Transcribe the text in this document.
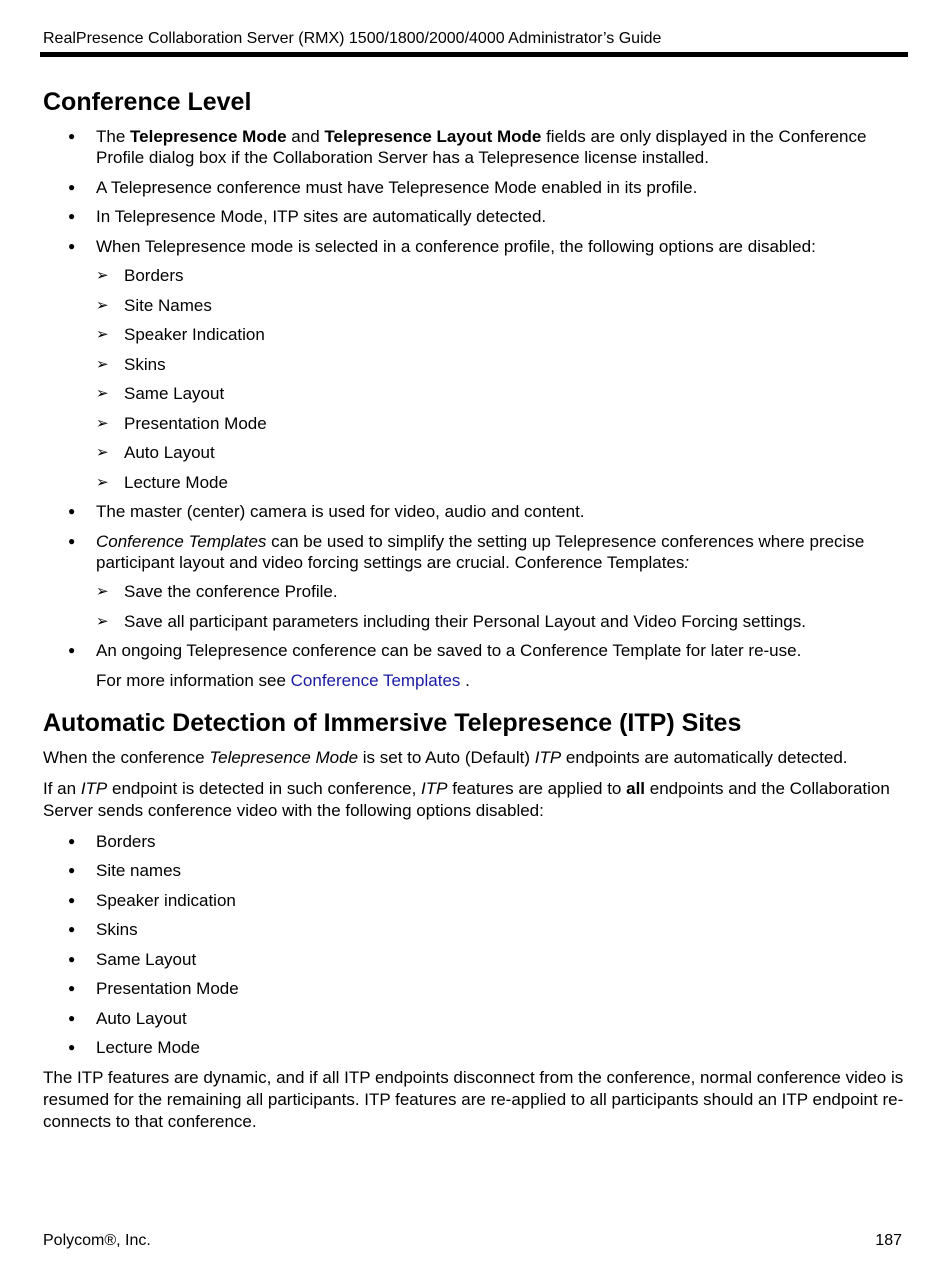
RealPresence Collaboration Server (RMX) 1500/1800/2000/4000 Administrator’s Guide
Conference Level
● The Telepresence Mode and Telepresence Layout Mode fields are only displayed in the Conference Profile dialog box if the Collaboration Server has a Telepresence license installed.
● A Telepresence conference must have Telepresence Mode enabled in its profile.
● In Telepresence Mode, ITP sites are automatically detected.
● When Telepresence mode is selected in a conference profile, the following options are disabled:
➢ Borders
➢ Site Names
➢ Speaker Indication
➢ Skins
➢ Same Layout
➢ Presentation Mode
➢ Auto Layout
➢ Lecture Mode
● The master (center) camera is used for video, audio and content.
● Conference Templates can be used to simplify the setting up Telepresence conferences where precise participant layout and video forcing settings are crucial. Conference Templates:
➢ Save the conference Profile.
➢ Save all participant parameters including their Personal Layout and Video Forcing settings.
● An ongoing Telepresence conference can be saved to a Conference Template for later re-use.
For more information see Conference Templates .
Automatic Detection of Immersive Telepresence (ITP) Sites

When the conference Telepresence Mode is set to Auto (Default) ITP endpoints are automatically detected.

If an ITP endpoint is detected in such conference, ITP features are applied to all endpoints and the Collaboration Server sends conference video with the following options disabled:

● Borders
● Site names
● Speaker indication
● Skins
● Same Layout
● Presentation Mode
● Auto Layout
● Lecture Mode

The ITP features are dynamic, and if all ITP endpoints disconnect from the conference, normal conference video is resumed for the remaining all participants. ITP features are re-applied to all participants should an ITP endpoint re-connects to that conference.

Polycom®, Inc.	187
